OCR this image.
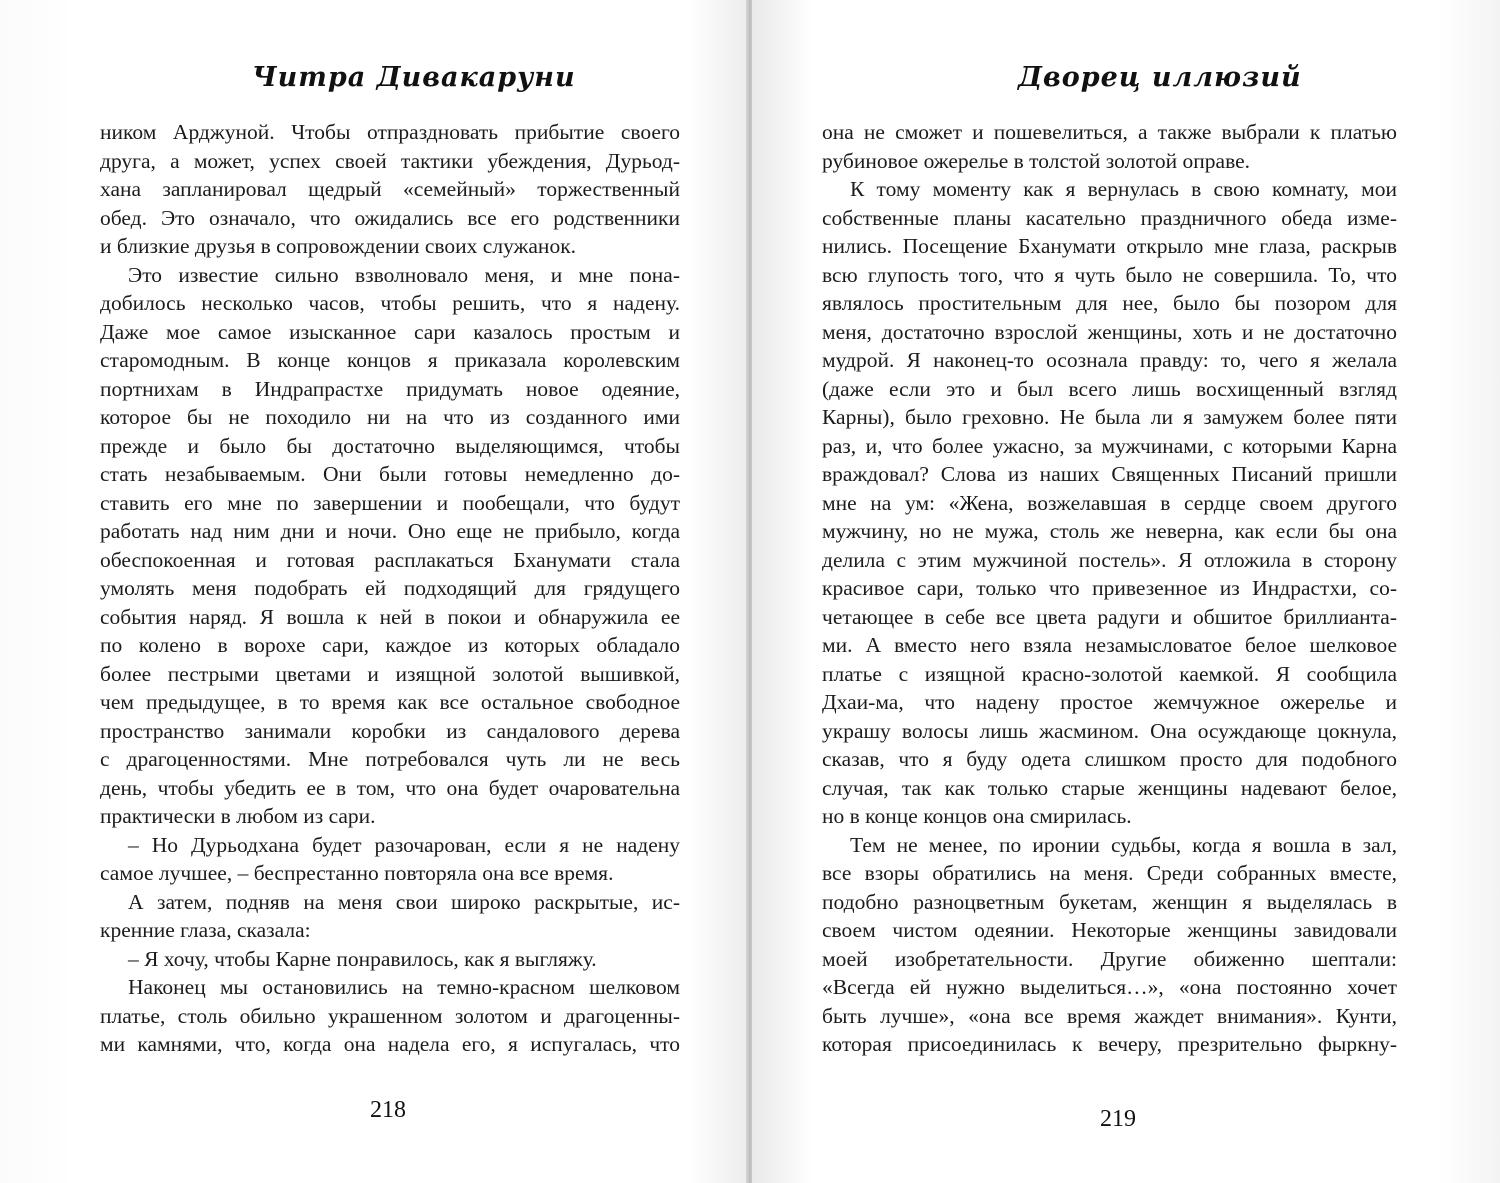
Читра Дивакаруни
ником Арджуной. Чтобы отпраздновать прибытие своего
друга, а может, успех своей тактики убеждения, Дурьод-
хана запланировал щедрый «семейный» торжественный
обед. Это означало, что ожидались все его родственники
и близкие друзья в сопровождении своих служанок.
Это известие сильно взволновало меня, и мне пона-
добилось несколько часов, чтобы решить, что я надену.
Даже мое самое изысканное сари казалось простым и
старомодным. В конце концов я приказала королевским
портнихам в Индрапрастхе придумать новое одеяние,
которое бы не походило ни на что из созданного ими
прежде и было бы достаточно выделяющимся, чтобы
стать незабываемым. Они были готовы немедленно до-
ставить его мне по завершении и пообещали, что будут
работать над ним дни и ночи. Оно еще не прибыло, когда
обеспокоенная и готовая расплакаться Бханумати стала
умолять меня подобрать ей подходящий для грядущего
события наряд. Я вошла к ней в покои и обнаружила ее
по колено в ворохе сари, каждое из которых обладало
более пестрыми цветами и изящной золотой вышивкой,
чем предыдущее, в то время как все остальное свободное
пространство занимали коробки из сандалового дерева
с драгоценностями. Мне потребовался чуть ли не весь
день, чтобы убедить ее в том, что она будет очаровательна
практически в любом из сари.
– Но Дурьодхана будет разочарован, если я не надену
самое лучшее, – беспрестанно повторяла она все время.
А затем, подняв на меня свои широко раскрытые, ис-
кренние глаза, сказала:
– Я хочу, чтобы Карне понравилось, как я выгляжу.
Наконец мы остановились на темно-красном шелковом
платье, столь обильно украшенном золотом и драгоценны-
ми камнями, что, когда она надела его, я испугалась, что
218
Дворец иллюзий
она не сможет и пошевелиться, а также выбрали к платью
рубиновое ожерелье в толстой золотой оправе.
К тому моменту как я вернулась в свою комнату, мои
собственные планы касательно праздничного обеда изме-
нились. Посещение Бханумати открыло мне глаза, раскрыв
всю глупость того, что я чуть было не совершила. То, что
являлось простительным для нее, было бы позором для
меня, достаточно взрослой женщины, хоть и не достаточно
мудрой. Я наконец-то осознала правду: то, чего я желала
(даже если это и был всего лишь восхищенный взгляд
Карны), было греховно. Не была ли я замужем более пяти
раз, и, что более ужасно, за мужчинами, с которыми Карна
враждовал? Слова из наших Священных Писаний пришли
мне на ум: «Жена, возжелавшая в сердце своем другого
мужчину, но не мужа, столь же неверна, как если бы она
делила с этим мужчиной постель». Я отложила в сторону
красивое сари, только что привезенное из Индрастхи, со-
четающее в себе все цвета радуги и обшитое бриллианта-
ми. А вместо него взяла незамысловатое белое шелковое
платье с изящной красно-золотой каемкой. Я сообщила
Дхаи-ма, что надену простое жемчужное ожерелье и
украшу волосы лишь жасмином. Она осуждающе цокнула,
сказав, что я буду одета слишком просто для подобного
случая, так как только старые женщины надевают белое,
но в конце концов она смирилась.
Тем не менее, по иронии судьбы, когда я вошла в зал,
все взоры обратились на меня. Среди собранных вместе,
подобно разноцветным букетам, женщин я выделялась в
своем чистом одеянии. Некоторые женщины завидовали
моей изобретательности. Другие обиженно шептали:
«Всегда ей нужно выделиться…», «она постоянно хочет
быть лучше», «она все время жаждет внимания». Кунти,
которая присоединилась к вечеру, презрительно фыркну-
219
